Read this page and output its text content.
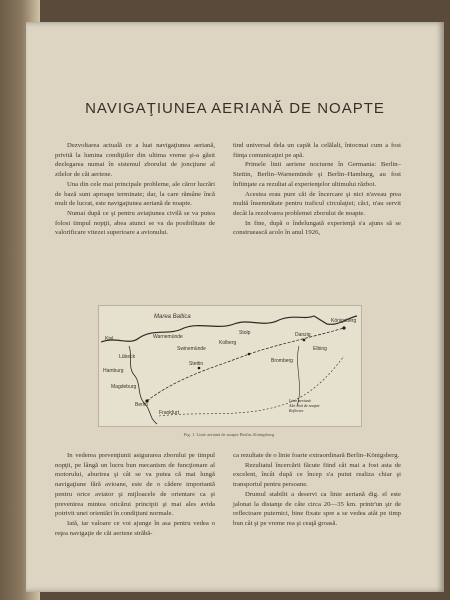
NAVIGAŢIUNEA AERIANĂ DE NOAPTE

Dezvoltarea actuală ce a luat navigaţiunea aeriană, privită la lumina condiţiilor din ultima vreme şi-a găsit dezlegarea numai în sistemul zborului de joncţiune al zilelor de căi aeriene.

Una din cele mai principale probleme, ale căror lucrări de bază sunt aproape terminate; dar, la care rămâne încă mult de lucrat, este navigaţiunea aeriană de noapte.

Numai după ce şi pentru aviaţiunea civilă se va putea folosi timpul nopţii, abea atunci se va da posibilitate de valorificare vitezei superioare a avionului.

tind universal dela un capăt la celălalt, întocmai cum a fost fiinţa comunicaţiei pe apă.

Primele linii aeriene nocturne în Germania: Berlin–Stettin, Berlin–Warnemünde şi Berlin–Hamburg, au fost înfiinţate ca rezultat al experienţelor ultimului război.

Acestea erau pure căi de încercare şi nici n'aveau prea multă însemnătate pentru traficul circulaţiei; căci, n'au servit decât la rezolvarea problemei zborului de noapte.

In fine, după o îndelungată experienţă s'a ajuns să se construească acolo în anul 1926,

Marea Baltica
Königsberg
Stolp	Danzig
Stettin
Berlin
Swinemünde
Hamburg
Lübeck
Kolberg
Bromberg
Elbing
Kiel	Warnemünde
Frankfurt
Magdeburg
Linie aeriană
Alte linii de noapte
Reflector
Fig. 1. Linie aeriană de noapte Berlin–Königsberg

In vederea prevenţiunii asigurarea zborului pe timpul nopţii, pe lângă un lucru bun mecanism de funcţionare al motorului, aburirea şi cât se va putea că mai lungă navigaţiune fără avioane, este de o cădere importantă pentru orice aviator şi mijloacele de orientare ca şi prevenirea mintea oricărui principii şi mai ales avida potrivit unei orientări în condiţiuni normale.

Iată, iar valoare ce voi ajunge în asa pentru vedea o reţea navigaţie de căi aeriene străbă-

ca rezultate de o linie foarte extraordinară Berlin–Königsberg.

Rezultatul încercării făcute fiind cât mai a fost asta de excelent, încât după ce încep s'a putut realiza chiar şi transportul pentru persoane.

Drumul stabilit a deservi ca linie aeriană dig. el este jalonat la distanţe de câte circa 20—35 km. printr'un şir de reflectoare puternici, bine fixate spre a se vedea atât pe timp bun cât şi pe vreme rea şi ceaţă groasă.
